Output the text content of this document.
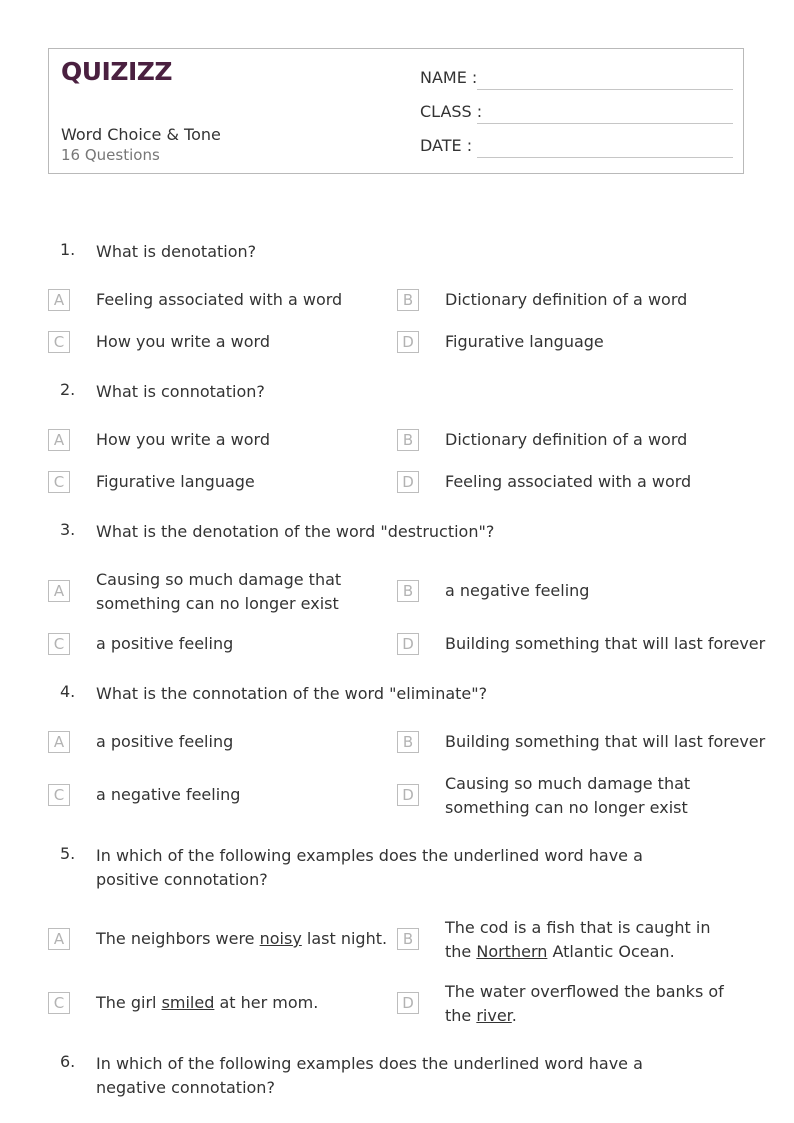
QUIZIZZ
Word Choice & Tone
16 Questions
NAME :
CLASS :
DATE :
1. What is denotation?
A	Feeling associated with a word	B	Dictionary definition of a word
C	How you write a word	D	Figurative language
2. What is connotation?
A	How you write a word	B	Dictionary definition of a word
C	Figurative language	D	Feeling associated with a word
3. What is the denotation of the word "destruction"?
A
Causing so much damage that something can no longer exist
B	a negative feeling
C	a positive feeling	D	Building something that will last forever
4. What is the connotation of the word "eliminate"?
A	a positive feeling	B	Building something that will last forever
C	a negative feeling	D
Causing so much damage that something can no longer exist
5. In which of the following examples does the underlined word have a positive connotation?
A	The neighbors were noisy last night.	B
The cod is a fish that is caught in the Northern Atlantic Ocean.
C	The girl smiled at her mom.	D
The water overflowed the banks of the river.
6. In which of the following examples does the underlined word have a negative connotation?
